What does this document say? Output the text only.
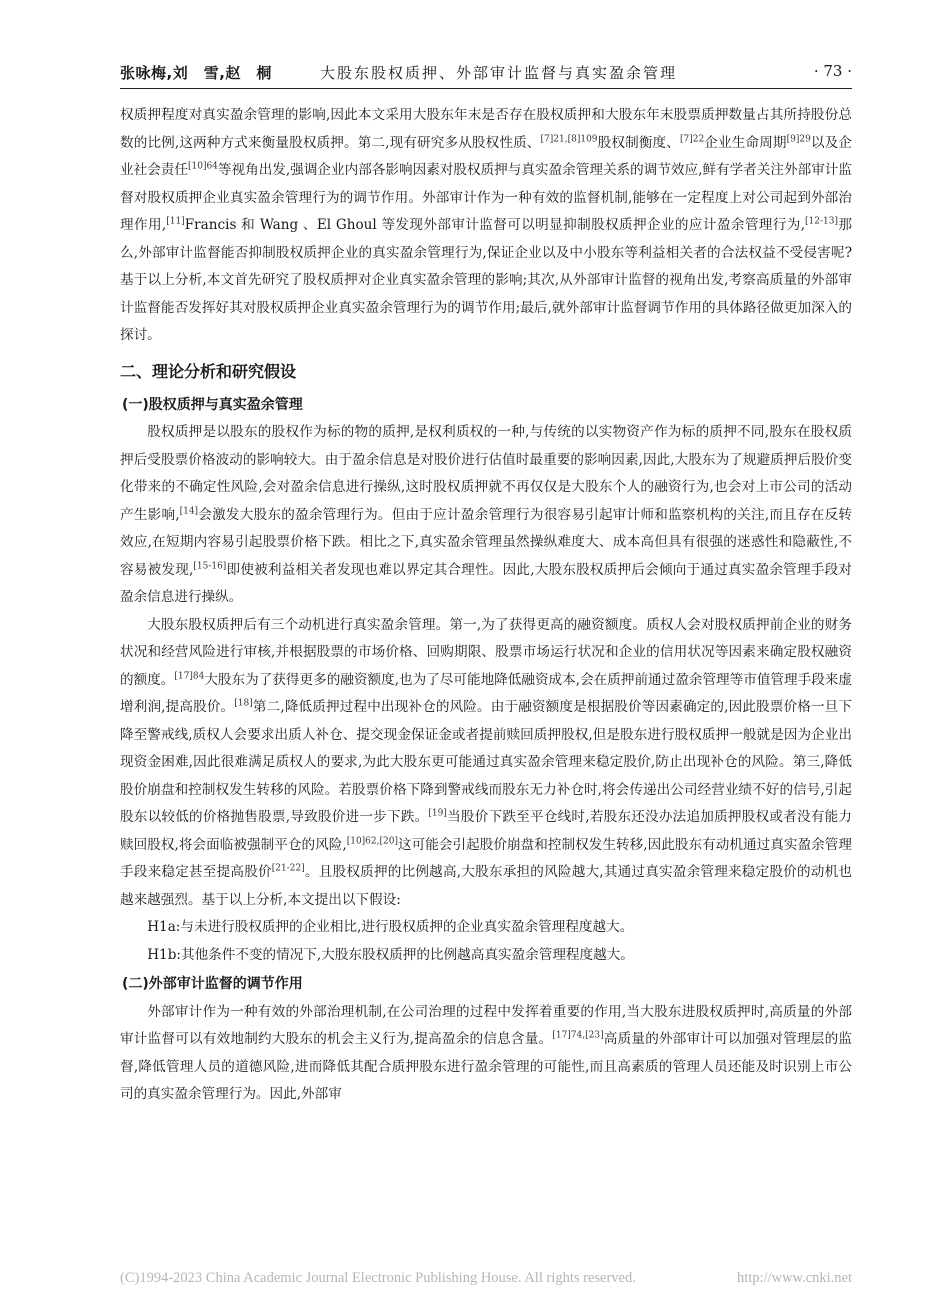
张咏梅,刘　雪,赵　桐	大股东股权质押、外部审计监督与真实盈余管理	· 73 ·

权质押程度对真实盈余管理的影响,因此本文采用大股东年末是否存在股权质押和大股东年末股票质押数量占其所持股份总数的比例,这两种方式来衡量股权质押。第二,现有研究多从股权性质、$^{[7]21,[8]109}$股权制衡度、$^{[7]22}$企业生命周期$^{[9]29}$以及企业社会责任$^{[10]64}$等视角出发,强调企业内部各影响因素对股权质押与真实盈余管理关系的调节效应,鲜有学者关注外部审计监督对股权质押企业真实盈余管理行为的调节作用。外部审计作为一种有效的监督机制,能够在一定程度上对公司起到外部治理作用,[11]Francis 和 Wang 、El Ghoul 等发现外部审计监督可以明显抑制股权质押企业的应计盈余管理行为,[12-13]那么,外部审计监督能否抑制股权质押企业的真实盈余管理行为,保证企业以及中小股东等利益相关者的合法权益不受侵害呢? 基于以上分析,本文首先研究了股权质押对企业真实盈余管理的影响;其次,从外部审计监督的视角出发,考察高质量的外部审计监督能否发挥好其对股权质押企业真实盈余管理行为的调节作用;最后,就外部审计监督调节作用的具体路径做更加深入的探讨。

二、理论分析和研究假设
(一)股权质押与真实盈余管理

股权质押是以股东的股权作为标的物的质押,是权利质权的一种,与传统的以实物资产作为标的质押不同,股东在股权质押后受股票价格波动的影响较大。由于盈余信息是对股价进行估值时最重要的影响因素,因此,大股东为了规避质押后股价变化带来的不确定性风险,会对盈余信息进行操纵,这时股权质押就不再仅仅是大股东个人的融资行为,也会对上市公司的活动产生影响,[14]会激发大股东的盈余管理行为。但由于应计盈余管理行为很容易引起审计师和监察机构的关注,而且存在反转效应,在短期内容易引起股票价格下跌。相比之下,真实盈余管理虽然操纵难度大、成本高但具有很强的迷惑性和隐蔽性,不容易被发现,[15-16]即使被利益相关者发现也难以界定其合理性。因此,大股东股权质押后会倾向于通过真实盈余管理手段对盈余信息进行操纵。

大股东股权质押后有三个动机进行真实盈余管理。第一,为了获得更高的融资额度。质权人会对股权质押前企业的财务状况和经营风险进行审核,并根据股票的市场价格、回购期限、股票市场运行状况和企业的信用状况等因素来确定股权融资的额度。$^{[17]84}$大股东为了获得更多的融资额度,也为了尽可能地降低融资成本,会在质押前通过盈余管理等市值管理手段来虚增利润,提高股价。[18]第二,降低质押过程中出现补仓的风险。由于融资额度是根据股价等因素确定的,因此股票价格一旦下降至警戒线,质权人会要求出质人补仓、提交现金保证金或者提前赎回质押股权,但是股东进行股权质押一般就是因为企业出现资金困难,因此很难满足质权人的要求,为此大股东更可能通过真实盈余管理来稳定股价,防止出现补仓的风险。第三,降低股价崩盘和控制权发生转移的风险。若股票价格下降到警戒线而股东无力补仓时,将会传递出公司经营业绩不好的信号,引起股东以较低的价格抛售股票,导致股价进一步下跌。[19]当股价下跌至平仓线时,若股东还没办法追加质押股权或者没有能力赎回股权,将会面临被强制平仓的风险,[10]62,[20]这可能会引起股价崩盘和控制权发生转移,因此股东有动机通过真实盈余管理手段来稳定甚至提高股价[21-22]。且股权质押的比例越高,大股东承担的风险越大,其通过真实盈余管理来稳定股价的动机也越来越强烈。基于以上分析,本文提出以下假设:

H1a:与未进行股权质押的企业相比,进行股权质押的企业真实盈余管理程度越大。

H1b:其他条件不变的情况下,大股东股权质押的比例越高真实盈余管理程度越大。

(二)外部审计监督的调节作用

外部审计作为一种有效的外部治理机制,在公司治理的过程中发挥着重要的作用,当大股东进股权质押时,高质量的外部审计监督可以有效地制约大股东的机会主义行为,提高盈余的信息含量。[17]74,[23]高质量的外部审计可以加强对管理层的监督,降低管理人员的道德风险,进而降低其配合质押股东进行盈余管理的可能性,而且高素质的管理人员还能及时识别上市公司的真实盈余管理行为。因此,外部审

(C)1994-2023 China Academic Journal Electronic Publishing House. All rights reserved.	http://www.cnki.net
